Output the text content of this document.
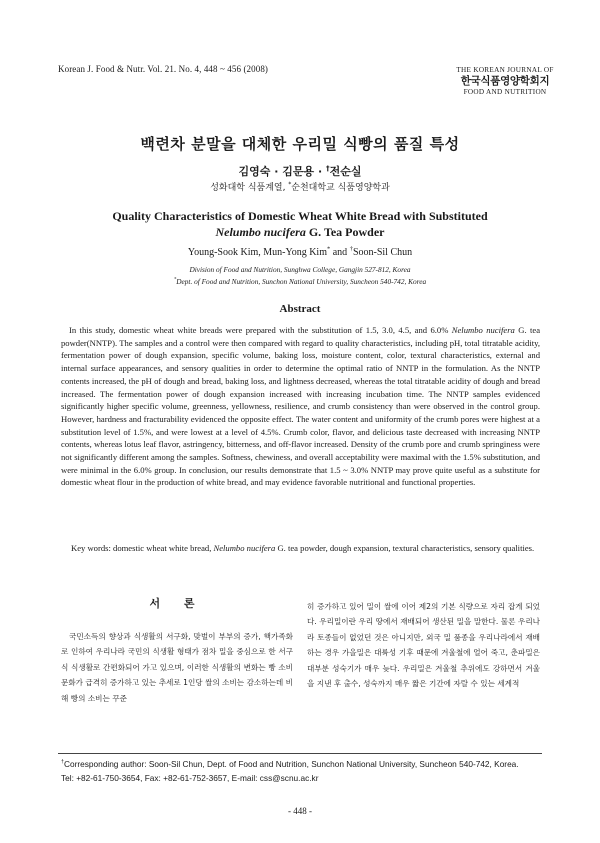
Korean J. Food & Nutr. Vol. 21. No. 4, 448 ~ 456 (2008)	THE KOREAN JOURNAL OF
한국식품영양학회지
FOOD AND NUTRITION
백련차 분말을 대체한 우리밀 식빵의 품질 특성
김영숙 · 김문용 · †전순실
성화대학 식품계열, *순천대학교 식품영양학과
Quality Characteristics of Domestic Wheat White Bread with Substituted
Nelumbo nucifera G. Tea Powder
Young-Sook Kim, Mun-Yong Kim* and †Soon-Sil Chun
Division of Food and Nutrition, Sunghwa College, Gangjin 527-812, Korea
*Dept. of Food and Nutrition, Sunchon National University, Suncheon 540-742, Korea
Abstract
In this study, domestic wheat white breads were prepared with the substitution of 1.5, 3.0, 4.5, and 6.0% Nelumbo nucifera G. tea powder(NNTP). The samples and a control were then compared with regard to quality characteristics, including pH, total titratable acidity, fermentation power of dough expansion, specific volume, baking loss, moisture content, color, textural characteristics, external and internal surface appearances, and sensory qualities in order to determine the optimal ratio of NNTP in the formulation. As the NNTP contents increased, the pH of dough and bread, baking loss, and lightness decreased, whereas the total titratable acidity of dough and bread increased. The fermentation power of dough expansion increased with increasing incubation time. The NNTP samples evidenced significantly higher specific volume, greenness, yellowness, resilience, and crumb consistency than were observed in the control group. However, hardness and fracturability evidenced the opposite effect. The water content and uniformity of the crumb pores were highest at a substitution level of 1.5%, and were lowest at a level of 4.5%. Crumb color, flavor, and delicious taste decreased with increasing NNTP contents, whereas lotus leaf flavor, astringency, bitterness, and off-flavor increased. Density of the crumb pore and crumb springiness were not significantly different among the samples. Softness, chewiness, and overall acceptability were maximal with the 1.5% substitution, and were minimal in the 6.0% group. In conclusion, our results demonstrate that 1.5 ~ 3.0% NNTP may prove quite useful as a substitute for domestic wheat flour in the production of white bread, and may evidence favorable nutritional and functional properties.
Key words: domestic wheat white bread, Nelumbo nucifera G. tea powder, dough expansion, textural characteristics, sensory qualities.
서 론

국민소득의 향상과 식생활의 서구화, 맞벌이 부부의 증가, 핵가족화로 인하여 우리나라 국민의 식생활 형태가 점차 밀을 중심으로 한 서구식 식생활로 간편화되어 가고 있으며, 이러한 식생활의 변화는 빵 소비 문화가 급격히 증가하고 있는 추세로 1인당 쌀의 소비는 감소하는데 비해 빵의 소비는 꾸준

히 증가하고 있어 밀이 쌀에 이어 제2의 기본 식량으로 자리 잡게 되었다. 우리밀이란 우리 땅에서 재배되어 생산된 밀을 말한다. 물론 우리나라 토종들이 없었던 것은 아니지만, 외국 밀 품종을 우리나라에서 재배하는 경우 가을밀은 대륙성 기후 때문에 겨울철에 얼어 죽고, 춘파밀은 대부분 성숙기가 매우 늦다. 우리밀은 겨울철 추위에도 강하면서 겨울을 지낸 후 출수, 성숙까지 매우 짧은 기간에 자랄 수 있는 세계적

†Corresponding author: Soon-Sil Chun, Dept. of Food and Nutrition, Sunchon National University, Suncheon 540-742, Korea.
Tel: +82-61-750-3654, Fax: +82-61-752-3657, E-mail: css@scnu.ac.kr
- 448 -
